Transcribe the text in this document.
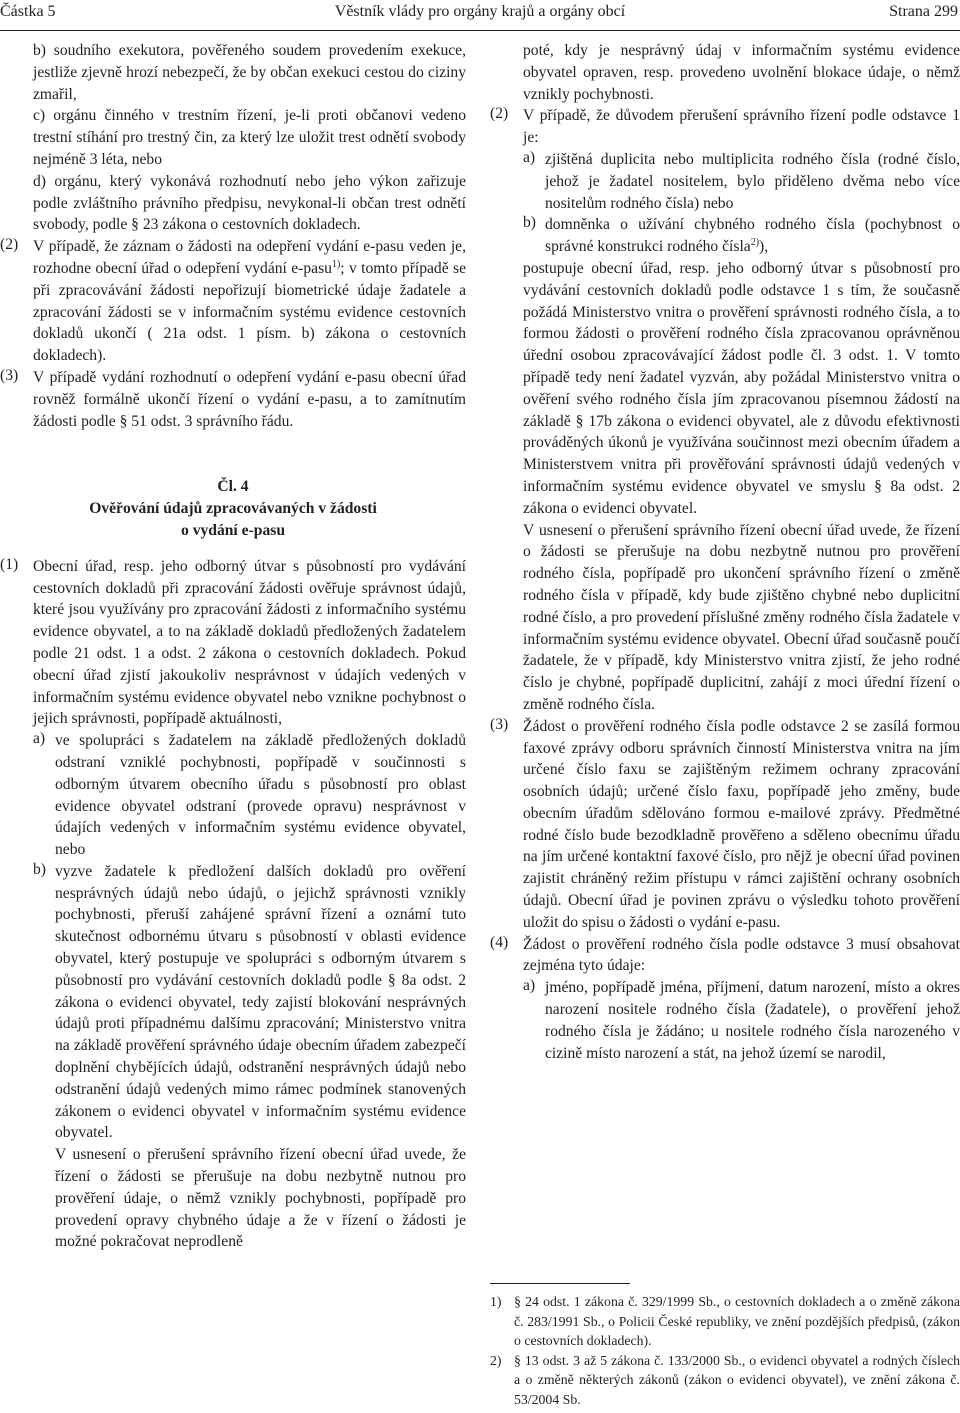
Částka 5	Věstník vlády pro orgány krajů a orgány obcí	Strana 299

b) soudního exekutora, pověřeného soudem provedením exekuce, jestliže zjevně hrozí nebezpečí, že by občan exekuci cestou do ciziny zmařil,

c) orgánu činného v trestním řízení, je-li proti občanovi vedeno trestní stíhání pro trestný čin, za který lze uložit trest odnětí svobody nejméně 3 léta, nebo

d) orgánu, který vykonává rozhodnutí nebo jeho výkon zařizuje podle zvláštního právního předpisu, nevykonal-li občan trest odnětí svobody, podle § 23 zákona o cestovních dokladech.

(2) V případě, že záznam o žádosti na odepření vydání e-pasu veden je, rozhodne obecní úřad o odepření vydání e-pasu$^{1)}$; v tomto případě se při zpracovávání žádosti nepořizují biometrické údaje žadatele a zpracování žádosti se v informačním systému evidence cestovních dokladů ukončí ( 21a odst. 1 písm. b) zákona o cestovních dokladech).
(3) V případě vydání rozhodnutí o odepření vydání e-pasu obecní úřad rovněž formálně ukončí řízení o vydání e-pasu, a to zamítnutím žádosti podle § 51 odst. 3 správního řádu.
Čl. 4
Ověřování údajů zpracovávaných v žádosti
o vydání e-pasu
(1) Obecní úřad, resp. jeho odborný útvar s působností pro vydávání cestovních dokladů při zpracování žádosti ověřuje správnost údajů, které jsou využívány pro zpracování žádosti z informačního systému evidence obyvatel, a to na základě dokladů předložených žadatelem podle 21 odst. 1 a odst. 2 zákona o cestovních dokladech. Pokud obecní úřad zjistí jakoukoliv nesprávnost v údajích vedených v informačním systému evidence obyvatel nebo vznikne pochybnost o jejich správnosti, popřípadě aktuálnosti,
a) ve spolupráci s žadatelem na základě předložených dokladů odstraní vzniklé pochybnosti, popřípadě v součinnosti s odborným útvarem obecního úřadu s působností pro oblast evidence obyvatel odstraní (provede opravu) nesprávnost v údajích vedených v informačním systému evidence obyvatel, nebo
b) vyzve žadatele k předložení dalších dokladů pro ověření nesprávných údajů nebo údajů, o jejichž správnosti vznikly pochybnosti, přeruší zahájené správní řízení a oznámí tuto skutečnost odbornému útvaru s působností v oblasti evidence obyvatel, který postupuje ve spolupráci s odborným útvarem s působností pro vydávání cestovních dokladů podle § 8a odst. 2 zákona o evidenci obyvatel, tedy zajistí blokování nesprávných údajů proti případnému dalšímu zpracování; Ministerstvo vnitra na základě prověření správného údaje obecním úřadem zabezpečí doplnění chybějících údajů, odstranění nesprávných údajů nebo odstranění údajů vedených mimo rámec podmínek stanovených zákonem o evidenci obyvatel v informačním systému evidence obyvatel.
V usnesení o přerušení správního řízení obecní úřad uvede, že řízení o žádosti se přerušuje na dobu nezbytně nutnou pro prověření údaje, o němž vznikly pochybnosti, popřípadě pro provedení opravy chybného údaje a že v řízení o žádosti je možné pokračovat neprodleně

poté, kdy je nesprávný údaj v informačním systému evidence obyvatel opraven, resp. provedeno uvolnění blokace údaje, o němž vznikly pochybnosti.

(2) V případě, že důvodem přerušení správního řízení podle odstavce 1 je:
a) zjištěná duplicita nebo multiplicita rodného čísla (rodné číslo, jehož je žadatel nositelem, bylo přiděleno dvěma nebo více nositelům rodného čísla) nebo
b) domněnka o užívání chybného rodného čísla (pochybnost o správné konstrukci rodného čísla$^{2)}$),

postupuje obecní úřad, resp. jeho odborný útvar s působností pro vydávání cestovních dokladů podle odstavce 1 s tím, že současně požádá Ministerstvo vnitra o prověření správnosti rodného čísla, a to formou žádosti o prověření rodného čísla zpracovanou oprávněnou úřední osobou zpracovávající žádost podle čl. 3 odst. 1. V tomto případě tedy není žadatel vyzván, aby požádal Ministerstvo vnitra o ověření svého rodného čísla jím zpracovanou písemnou žádostí na základě § 17b zákona o evidenci obyvatel, ale z důvodu efektivnosti prováděných úkonů je využívána součinnost mezi obecním úřadem a Ministerstvem vnitra při prověřování správnosti údajů vedených v informačním systému evidence obyvatel ve smyslu § 8a odst. 2 zákona o evidenci obyvatel.

V usnesení o přerušení správního řízení obecní úřad uvede, že řízení o žádosti se přerušuje na dobu nezbytně nutnou pro prověření rodného čísla, popřípadě pro ukončení správního řízení o změně rodného čísla v případě, kdy bude zjištěno chybné nebo duplicitní rodné číslo, a pro provedení příslušné změny rodného čísla žadatele v informačním systému evidence obyvatel. Obecní úřad současně poučí žadatele, že v případě, kdy Ministerstvo vnitra zjistí, že jeho rodné číslo je chybné, popřípadě duplicitní, zahájí z moci úřední řízení o změně rodného čísla.

(3) Žádost o prověření rodného čísla podle odstavce 2 se zasílá formou faxové zprávy odboru správních činností Ministerstva vnitra na jím určené číslo faxu se zajištěným režimem ochrany zpracování osobních údajů; určené číslo faxu, popřípadě jeho změny, bude obecním úřadům sdělováno formou e-mailové zprávy. Předmětné rodné číslo bude bezodkladně prověřeno a sděleno obecnímu úřadu na jím určené kontaktní faxové číslo, pro nějž je obecní úřad povinen zajistit chráněný režim přístupu v rámci zajištění ochrany osobních údajů. Obecní úřad je povinen zprávu o výsledku tohoto prověření uložit do spisu o žádosti o vydání e-pasu.
(4) Žádost o prověření rodného čísla podle odstavce 3 musí obsahovat zejména tyto údaje:
a) jméno, popřípadě jména, příjmení, datum narození, místo a okres narození nositele rodného čísla (žadatele), o prověření jehož rodného čísla je žádáno; u nositele rodného čísla narozeného v cizině místo narození a stát, na jehož území se narodil,
1) § 24 odst. 1 zákona č. 329/1999 Sb., o cestovních dokladech a o změně zákona č. 283/1991 Sb., o Policii České republiky, ve znění pozdějších předpisů, (zákon o cestovních dokladech).
2) § 13 odst. 3 až 5 zákona č. 133/2000 Sb., o evidenci obyvatel a rodných číslech a o změně některých zákonů (zákon o evidenci obyvatel), ve znění zákona č. 53/2004 Sb.
